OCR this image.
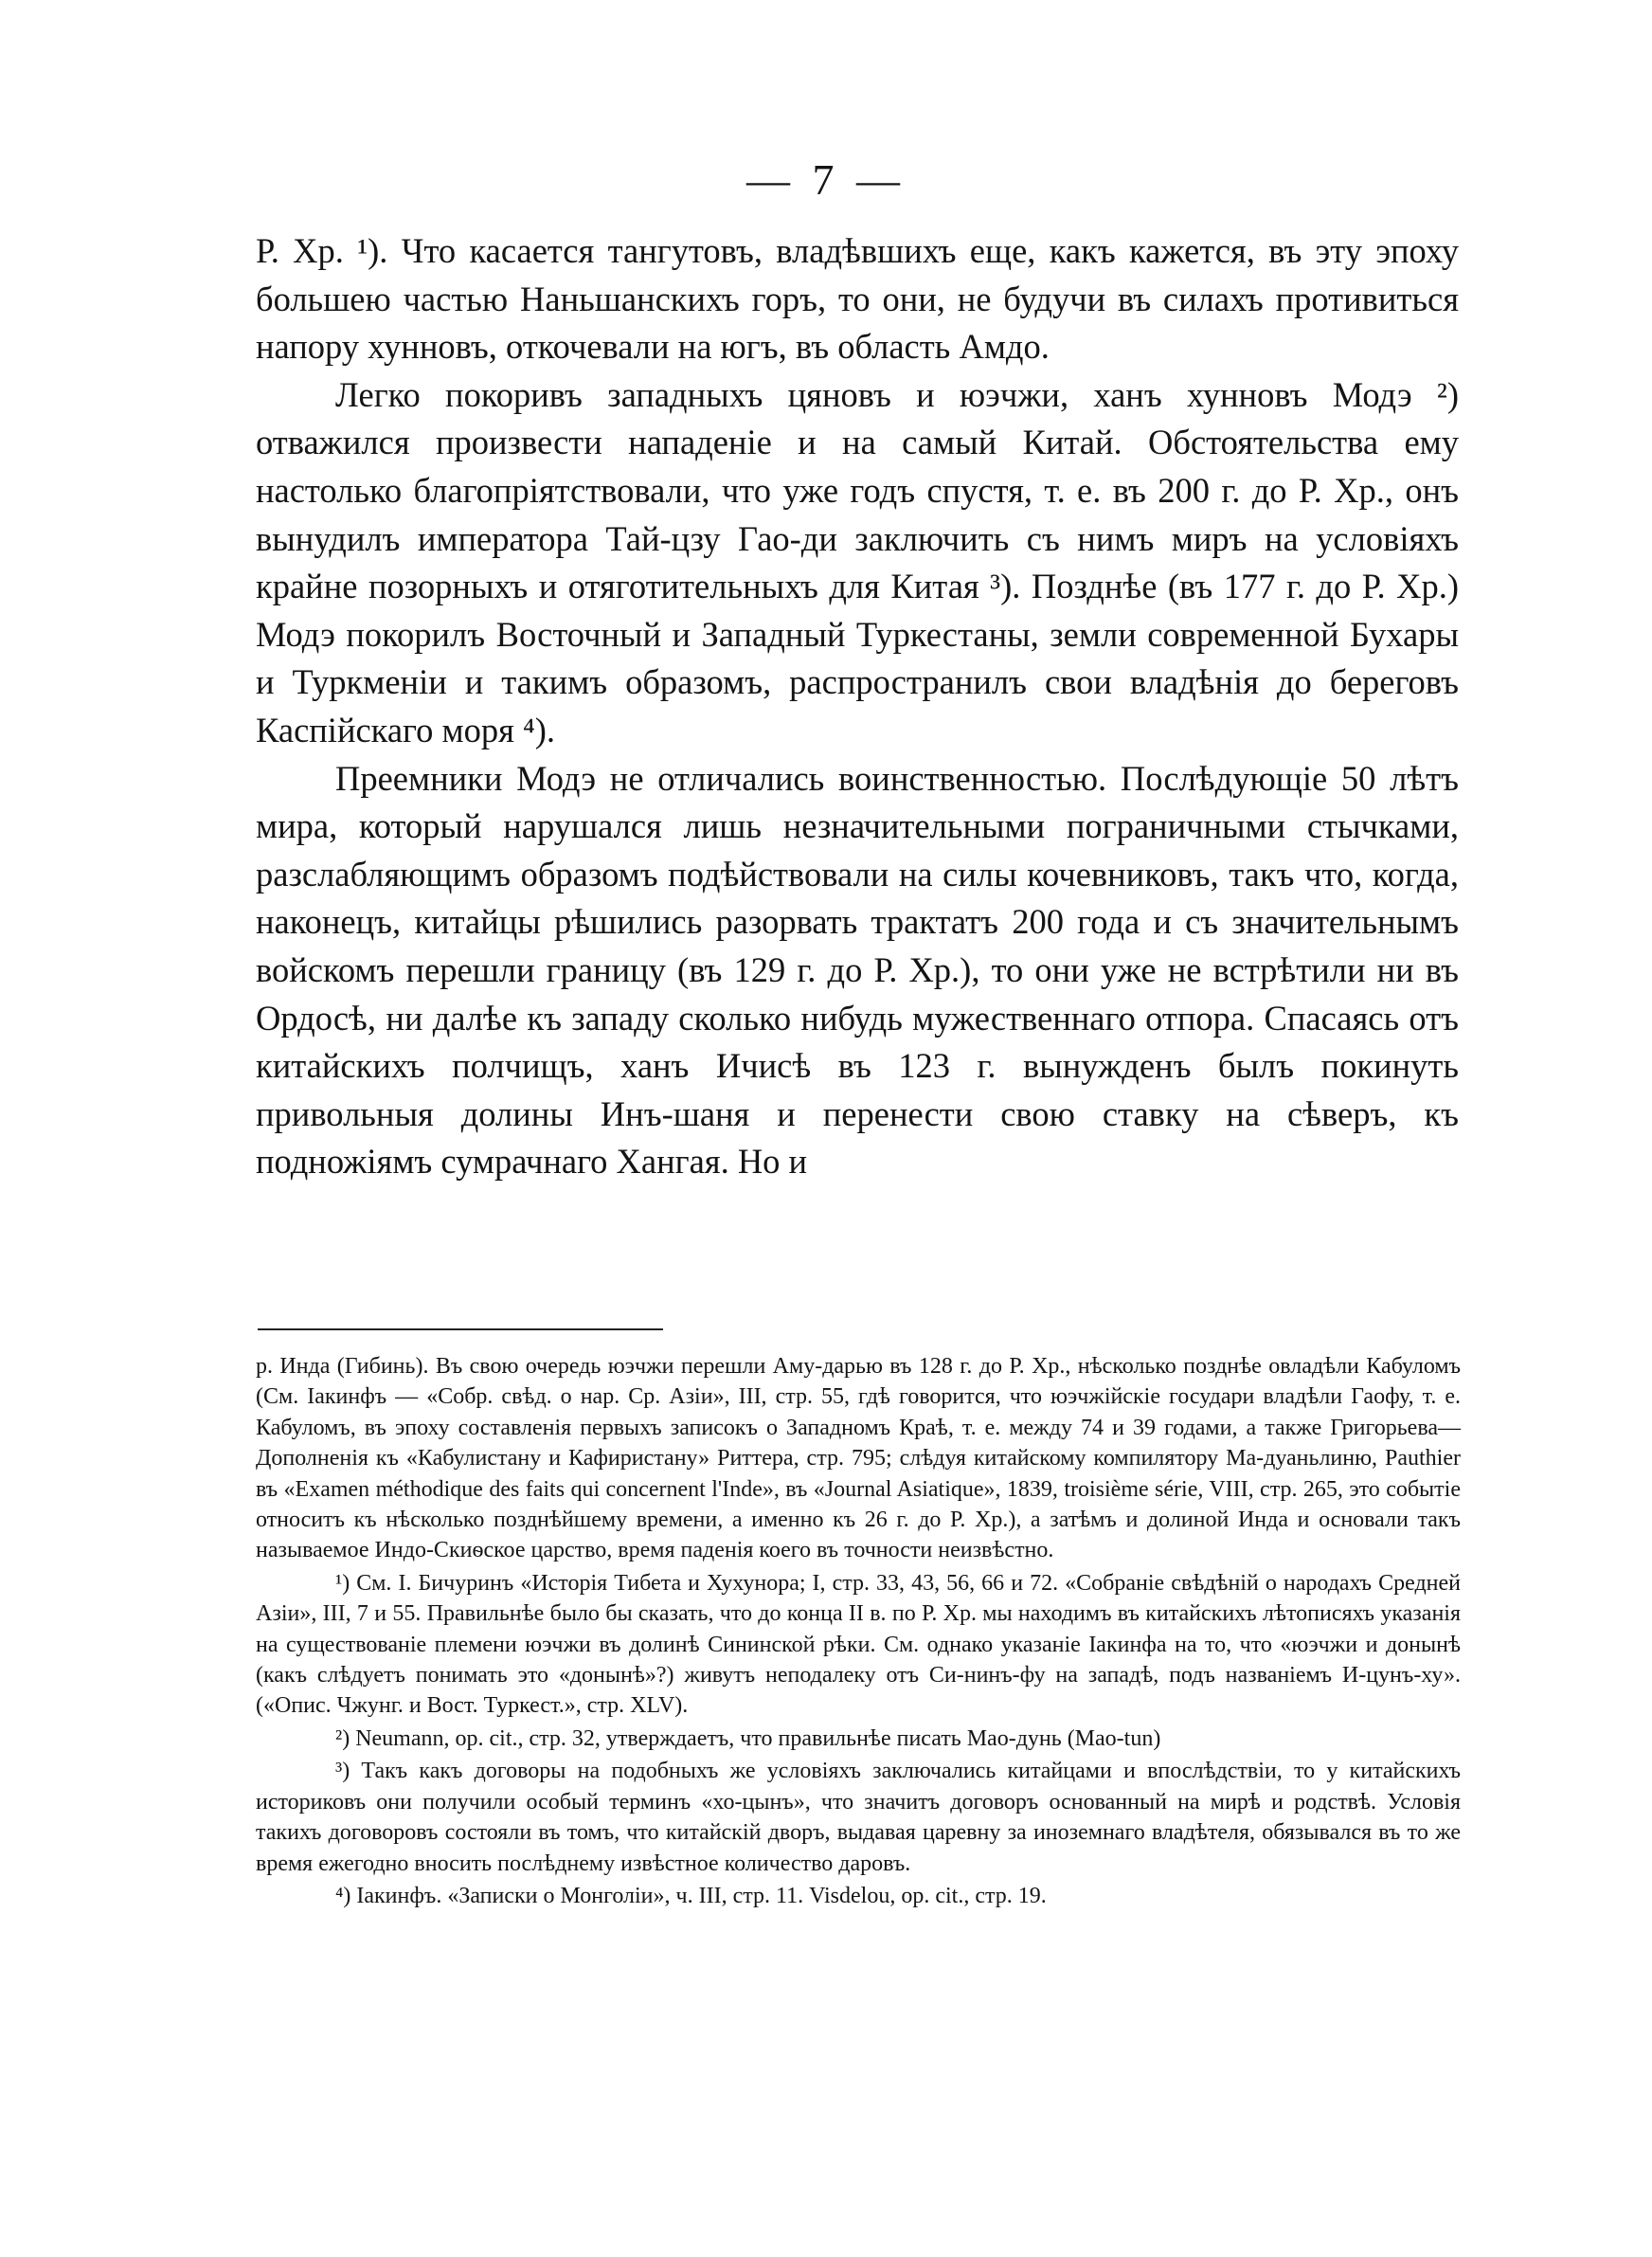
— 7 —

Р. Хр. ¹). Что касается тангутовъ, владѣвшихъ еще, какъ кажется, въ эту эпоху большею частью Наньшанскихъ горъ, то они, не будучи въ силахъ противиться напору хунновъ, откочевали на югъ, въ область Амдо.

Легко покоривъ западныхъ цяновъ и юэчжи, ханъ хунновъ Модэ ²) отважился произвести нападенiе и на самый Китай. Обстоятельства ему настолько благопрiятствовали, что уже годъ спустя, т. е. въ 200 г. до Р. Хр., онъ вынудилъ императора Тай-цзу Гао-ди заключить съ нимъ миръ на условiяхъ крайне позорныхъ и отяготительныхъ для Китая ³). Позднѣе (въ 177 г. до Р. Хр.) Модэ покорилъ Восточный и Западный Туркестаны, земли современной Бухары и Туркменiи и такимъ образомъ, распространилъ свои владѣнiя до береговъ Каспiйскаго моря ⁴).

Преемники Модэ не отличались воинственностью. Послѣдующiе 50 лѣтъ мира, который нарушался лишь незначительными пограничными стычками, разслабляющимъ образомъ подѣйствовали на силы кочевниковъ, такъ что, когда, наконецъ, китайцы рѣшились разорвать трактатъ 200 года и съ значительнымъ войскомъ перешли границу (въ 129 г. до Р. Хр.), то они уже не встрѣтили ни въ Ордосѣ, ни далѣе къ западу сколько нибудь мужественнаго отпора. Спасаясь отъ китайскихъ полчищъ, ханъ Ичисѣ въ 123 г. вынужденъ былъ покинуть привольныя долины Инъ-шаня и перенести свою ставку на сѣверъ, къ подножiямъ сумрачнаго Хангая. Но и

р. Инда (Гибинь). Въ свою очередь юэчжи перешли Аму-дарью въ 128 г. до Р. Хр., нѣсколько позднѣе овладѣли Кабуломъ (См. Iакинфъ — «Собр. свѣд. о нар. Ср. Азiи», III, стр. 55, гдѣ говорится, что юэчжiйскiе государи владѣли Гаофу, т. е. Кабуломъ, въ эпоху составленiя первыхъ записокъ о Западномъ Краѣ, т. е. между 74 и 39 годами, а также Григорьева—Дополненiя къ «Кабулистану и Кафиристану» Риттера, стр. 795; слѣдуя китайскому компилятору Ма-дуаньлиню, Pauthier въ «Examen méthodique des faits qui concernent l'Inde», въ «Journal Asiatique», 1839, troisième série, VIII, стр. 265, это событiе относитъ къ нѣсколько позднѣйшему времени, а именно къ 26 г. до Р. Хр.), а затѣмъ и долиной Инда и основали такъ называемое Индо-Скиѳское царство, время паденiя коего въ точности неизвѣстно.

¹) См. I. Бичуринъ «Исторiя Тибета и Хухунора; I, стр. 33, 43, 56, 66 и 72. «Собранiе свѣдѣнiй о народахъ Средней Азiи», III, 7 и 55. Правильнѣе было бы сказать, что до конца II в. по Р. Хр. мы находимъ въ китайскихъ лѣтописяхъ указанiя на существованiе племени юэчжи въ долинѣ Сининской рѣки. См. однако указанiе Iакинфа на то, что «юэчжи и донынѣ (какъ слѣдуетъ понимать это «донынѣ»?) живутъ неподалеку отъ Си-нинъ-фу на западѣ, подъ названiемъ И-цунъ-ху». («Опис. Чжунг. и Вост. Туркест.», стр. XLV).

²) Neumann, op. cit., стр. 32, утверждаетъ, что правильнѣе писать Мао-дунь (Mao-tun)

³) Такъ какъ договоры на подобныхъ же условiяхъ заключались китайцами и впослѣдствiи, то у китайскихъ историковъ они получили особый терминъ «хо-цынъ», что значитъ договоръ основанный на мирѣ и родствѣ. Условiя такихъ договоровъ состояли въ томъ, что китайскiй дворъ, выдавая царевну за иноземнаго владѣтеля, обязывался въ то же время ежегодно вносить послѣднему извѣстное количество даровъ.

⁴) Iакинфъ. «Записки о Монголiи», ч. III, стр. 11. Visdelou, op. cit., стр. 19.
